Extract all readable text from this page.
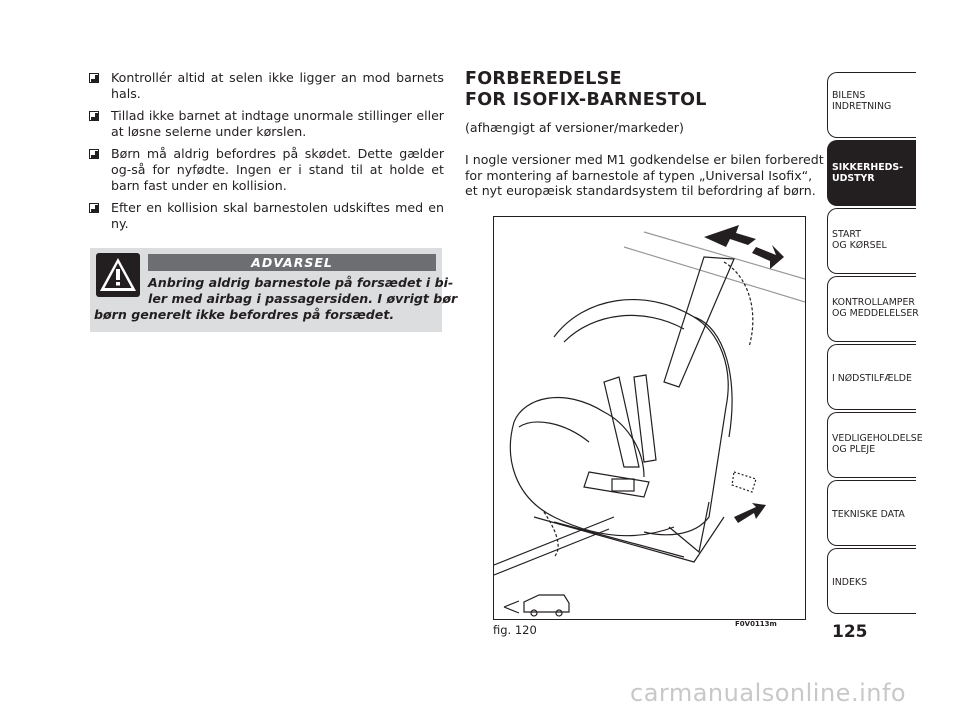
Kontrollér altid at selen ikke ligger an mod barnets hals.
Tillad ikke barnet at indtage unormale stillinger eller at løsne selerne under kørslen.
Børn må aldrig befordres på skødet. Dette gælder og-så for nyfødte. Ingen er i stand til at holde et barn fast under en kollision.
Efter en kollision skal barnestolen udskiftes med en ny.
ADVARSEL
Anbring aldrig barnestole på forsædet i bi-
ler med airbag i passagersiden. I øvrigt bør
børn generelt ikke befordres på forsædet.
FORBEREDELSE
FOR ISOFIX-BARNESTOL
(afhængigt af versioner/markeder)
I nogle versioner med M1 godkendelse er bilen forberedt
for montering af barnestole af typen „Universal Isofix“,
et nyt europæisk standardsystem til befordring af børn.
fig. 120	F0V0113m
BILENS
INDRETNING
SIKKERHEDS-
UDSTYR
START
OG KØRSEL
KONTROLLAMPER
OG MEDDELELSER
I NØDSTILFÆLDE
VEDLIGEHOLDELSE
OG PLEJE
TEKNISKE DATA
INDEKS
125
carmanualsonline.info
